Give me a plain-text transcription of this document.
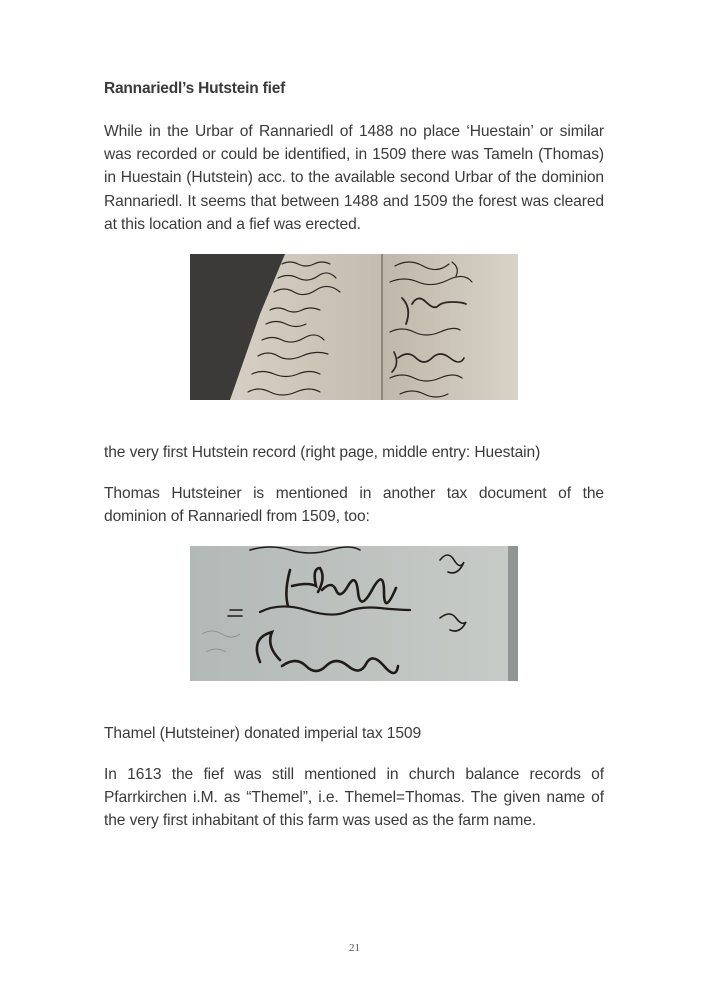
Rannariedl’s Hutstein fief

While in the Urbar of Rannariedl of 1488 no place ‘Huestain’ or similar was recorded or could be identified, in 1509 there was Tameln (Thomas) in Huestain (Hutstein) acc. to the available second Urbar of the dominion Rannariedl. It seems that between 1488 and 1509 the forest was cleared at this location and a fief was erected.

the very first Hutstein record (right page, middle entry: Huestain)

Thomas Hutsteiner is mentioned in another tax document of the dominion of Rannariedl from 1509, too:

Thamel (Hutsteiner) donated imperial tax 1509

In 1613 the fief was still mentioned in church balance records of Pfarrkirchen i.M. as “Themel”, i.e. Themel=Thomas. The given name of the very first inhabitant of this farm was used as the farm name.

21
